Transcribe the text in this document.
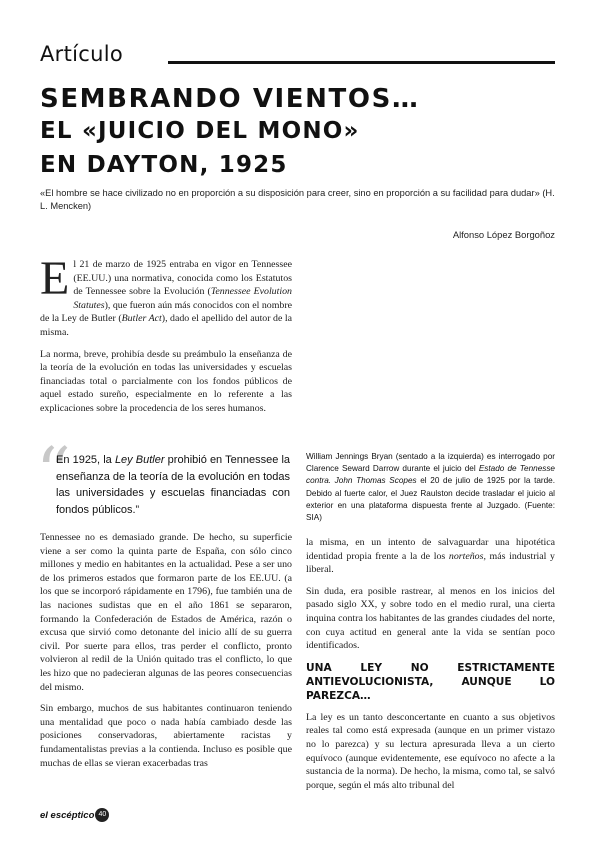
Artículo
SEMBRANDO VIENTOS…
EL «JUICIO DEL MONO»
EN DAYTON, 1925
«El hombre se hace civilizado no en proporción a su disposición para creer, sino en proporción a su facilidad para dudar» (H. L. Mencken)
Alfonso López Borgoñoz

El 21 de marzo de 1925 entraba en vigor en Tennessee (EE.UU.) una normativa, conocida como los Estatutos de Tennessee sobre la Evolución (Tennessee Evolution Statutes), que fueron aún más conocidos con el nombre de la Ley de Butler (Butler Act), dado el apellido del autor de la misma.

La norma, breve, prohibía desde su preámbulo la enseñanza de la teoría de la evolución en todas las universidades y escuelas financiadas total o parcialmente con los fondos públicos de aquel estado sureño, especialmente en lo referente a las explicaciones sobre la procedencia de los seres humanos.

“
En 1925, la Ley Butler prohibió en Tennessee la enseñanza de la teoría de la evolución en todas las universidades y escuelas financiadas con fondos públicos.”
William Jennings Bryan (sentado a la izquierda) es interrogado por Clarence Seward Darrow durante el juicio del Estado de Tennesse contra. John Thomas Scopes el 20 de julio de 1925 por la tarde. Debido al fuerte calor, el Juez Raulston decide trasladar el juicio al exterior en una plataforma dispuesta frente al Juzgado. (Fuente: SIA)

Tennessee no es demasiado grande. De hecho, su superficie viene a ser como la quinta parte de España, con sólo cinco millones y medio en habitantes en la actualidad. Pese a ser uno de los primeros estados que formaron parte de los EE.UU. (a los que se incorporó rápidamente en 1796), fue también una de las naciones sudistas que en el año 1861 se separaron, formando la Confederación de Estados de América, razón o excusa que sirvió como detonante del inicio allí de su guerra civil. Por suerte para ellos, tras perder el conflicto, pronto volvieron al redil de la Unión quitado tras el conflicto, lo que les hizo que no padecieran algunas de las peores consecuencias del mismo.

Sin embargo, muchos de sus habitantes continuaron teniendo una mentalidad que poco o nada había cambiado desde las posiciones conservadoras, abiertamente racistas y fundamentalistas previas a la contienda. Incluso es posible que muchas de ellas se vieran exacerbadas tras

la misma, en un intento de salvaguardar una hipotética identidad propia frente a la de los norteños, más industrial y liberal.

Sin duda, era posible rastrear, al menos en los inicios del pasado siglo XX, y sobre todo en el medio rural, una cierta inquina contra los habitantes de las grandes ciudades del norte, con cuya actitud en general ante la vida se sentían poco identificados.

UNA LEY NO ESTRICTAMENTE ANTIEVOLUCIONISTA, AUNQUE LO PAREZCA…

La ley es un tanto desconcertante en cuanto a sus objetivos reales tal como está expresada (aunque en un primer vistazo no lo parezca) y su lectura apresurada lleva a un cierto equívoco (aunque evidentemente, ese equívoco no afecte a la sustancia de la norma). De hecho, la misma, como tal, se salvó porque, según el más alto tribunal del

el escéptico 40
